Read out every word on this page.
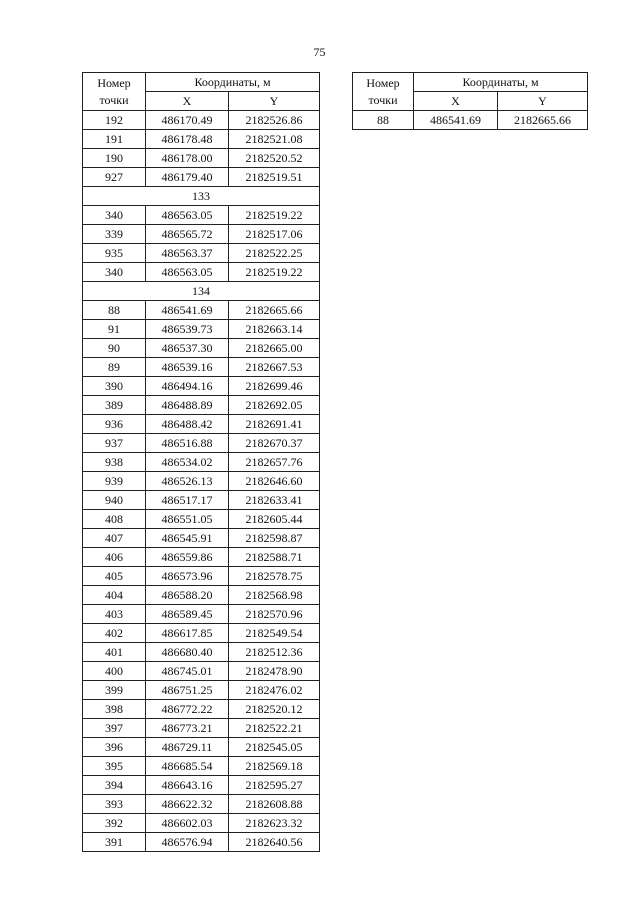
75
Номер
точки	Координаты, м	
	X	Y
192	486170.49	2182526.86
191	486178.48	2182521.08
190	486178.00	2182520.52
927	486179.40	2182519.51
133		
340	486563.05	2182519.22
339	486565.72	2182517.06
935	486563.37	2182522.25
340	486563.05	2182519.22
134		
88	486541.69	2182665.66
91	486539.73	2182663.14
90	486537.30	2182665.00
89	486539.16	2182667.53
390	486494.16	2182699.46
389	486488.89	2182692.05
936	486488.42	2182691.41
937	486516.88	2182670.37
938	486534.02	2182657.76
939	486526.13	2182646.60
940	486517.17	2182633.41
408	486551.05	2182605.44
407	486545.91	2182598.87
406	486559.86	2182588.71
405	486573.96	2182578.75
404	486588.20	2182568.98
403	486589.45	2182570.96
402	486617.85	2182549.54
401	486680.40	2182512.36
400	486745.01	2182478.90
399	486751.25	2182476.02
398	486772.22	2182520.12
397	486773.21	2182522.21
396	486729.11	2182545.05
395	486685.54	2182569.18
394	486643.16	2182595.27
393	486622.32	2182608.88
392	486602.03	2182623.32
391	486576.94	2182640.56
Номер
точки	Координаты, м	
	X	Y
88	486541.69	2182665.66
